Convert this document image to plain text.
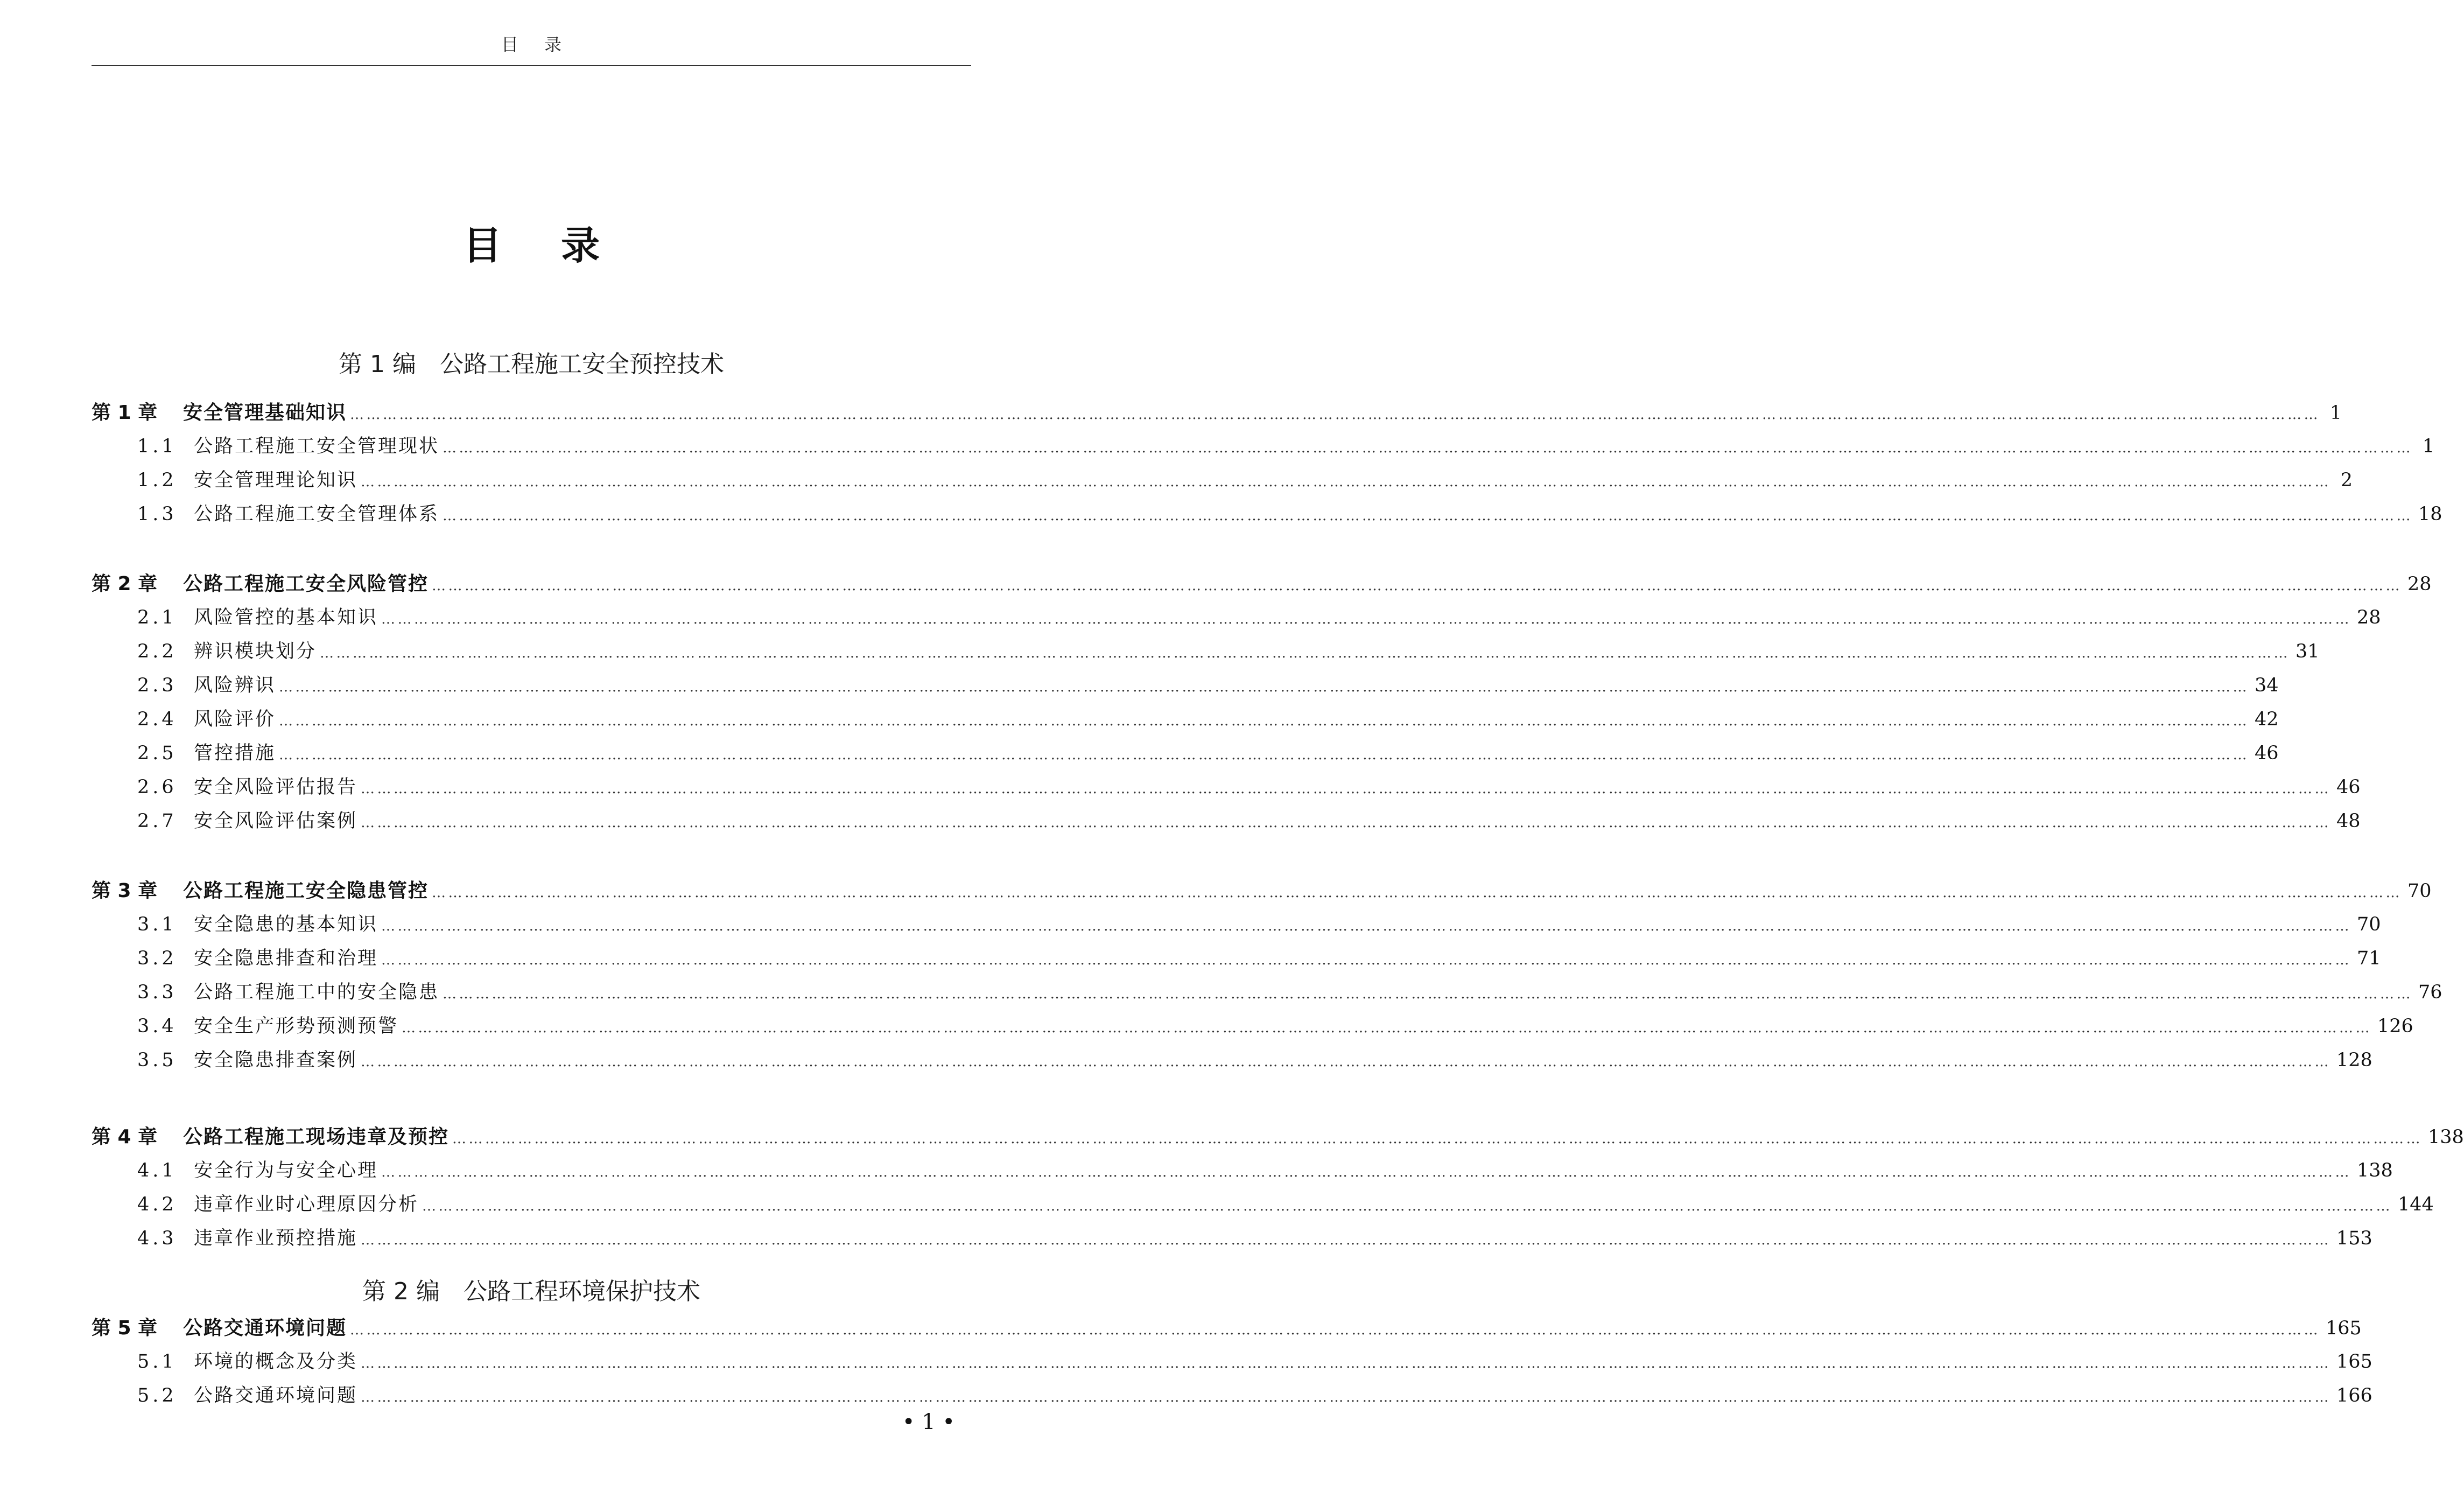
目录
目录
第 1 编　公路工程施工安全预控技术
第 1 章	安全管理基础知识 ……………………………………………………………………………………………………………………………………………………………………………………………………………………………………………………………………………………………………………………………… 1
1.1 公路工程施工安全管理现状 ……………………………………………………………………………………………………………………………………………………………………………………………………………………………………………………………………………………………………………………………… 1
1.2 安全管理理论知识 ……………………………………………………………………………………………………………………………………………………………………………………………………………………………………………………………………………………………………………………………… 2
1.3 公路工程施工安全管理体系 ……………………………………………………………………………………………………………………………………………………………………………………………………………………………………………………………………………………………………………………………… 18
第 2 章	公路工程施工安全风险管控 ……………………………………………………………………………………………………………………………………………………………………………………………………………………………………………………………………………………………………………………………… 28
2.1 风险管控的基本知识 ……………………………………………………………………………………………………………………………………………………………………………………………………………………………………………………………………………………………………………………………… 28
2.2 辨识模块划分 ……………………………………………………………………………………………………………………………………………………………………………………………………………………………………………………………………………………………………………………………… 31
2.3 风险辨识 ……………………………………………………………………………………………………………………………………………………………………………………………………………………………………………………………………………………………………………………………… 34
2.4 风险评价 ……………………………………………………………………………………………………………………………………………………………………………………………………………………………………………………………………………………………………………………………… 42
2.5 管控措施 ……………………………………………………………………………………………………………………………………………………………………………………………………………………………………………………………………………………………………………………………… 46
2.6 安全风险评估报告 ……………………………………………………………………………………………………………………………………………………………………………………………………………………………………………………………………………………………………………………………… 46
2.7 安全风险评估案例 ……………………………………………………………………………………………………………………………………………………………………………………………………………………………………………………………………………………………………………………………… 48
第 3 章	公路工程施工安全隐患管控 ……………………………………………………………………………………………………………………………………………………………………………………………………………………………………………………………………………………………………………………………… 70
3.1 安全隐患的基本知识 ……………………………………………………………………………………………………………………………………………………………………………………………………………………………………………………………………………………………………………………………… 70
3.2 安全隐患排查和治理 ……………………………………………………………………………………………………………………………………………………………………………………………………………………………………………………………………………………………………………………………… 71
3.3 公路工程施工中的安全隐患 ……………………………………………………………………………………………………………………………………………………………………………………………………………………………………………………………………………………………………………………………… 76
3.4 安全生产形势预测预警 ……………………………………………………………………………………………………………………………………………………………………………………………………………………………………………………………………………………………………………………………… 126
3.5 安全隐患排查案例 ……………………………………………………………………………………………………………………………………………………………………………………………………………………………………………………………………………………………………………………………… 128
第 4 章	公路工程施工现场违章及预控 ……………………………………………………………………………………………………………………………………………………………………………………………………………………………………………………………………………………………………………………………… 138
4.1 安全行为与安全心理 ……………………………………………………………………………………………………………………………………………………………………………………………………………………………………………………………………………………………………………………………… 138
4.2 违章作业时心理原因分析 ……………………………………………………………………………………………………………………………………………………………………………………………………………………………………………………………………………………………………………………………… 144
4.3 违章作业预控措施 ……………………………………………………………………………………………………………………………………………………………………………………………………………………………………………………………………………………………………………………………… 153
第 2 编　公路工程环境保护技术
第 5 章	公路交通环境问题 ……………………………………………………………………………………………………………………………………………………………………………………………………………………………………………………………………………………………………………………………… 165
5.1 环境的概念及分类 ……………………………………………………………………………………………………………………………………………………………………………………………………………………………………………………………………………………………………………………………… 165
5.2 公路交通环境问题 ……………………………………………………………………………………………………………………………………………………………………………………………………………………………………………………………………………………………………………………………… 166
• 1 •
